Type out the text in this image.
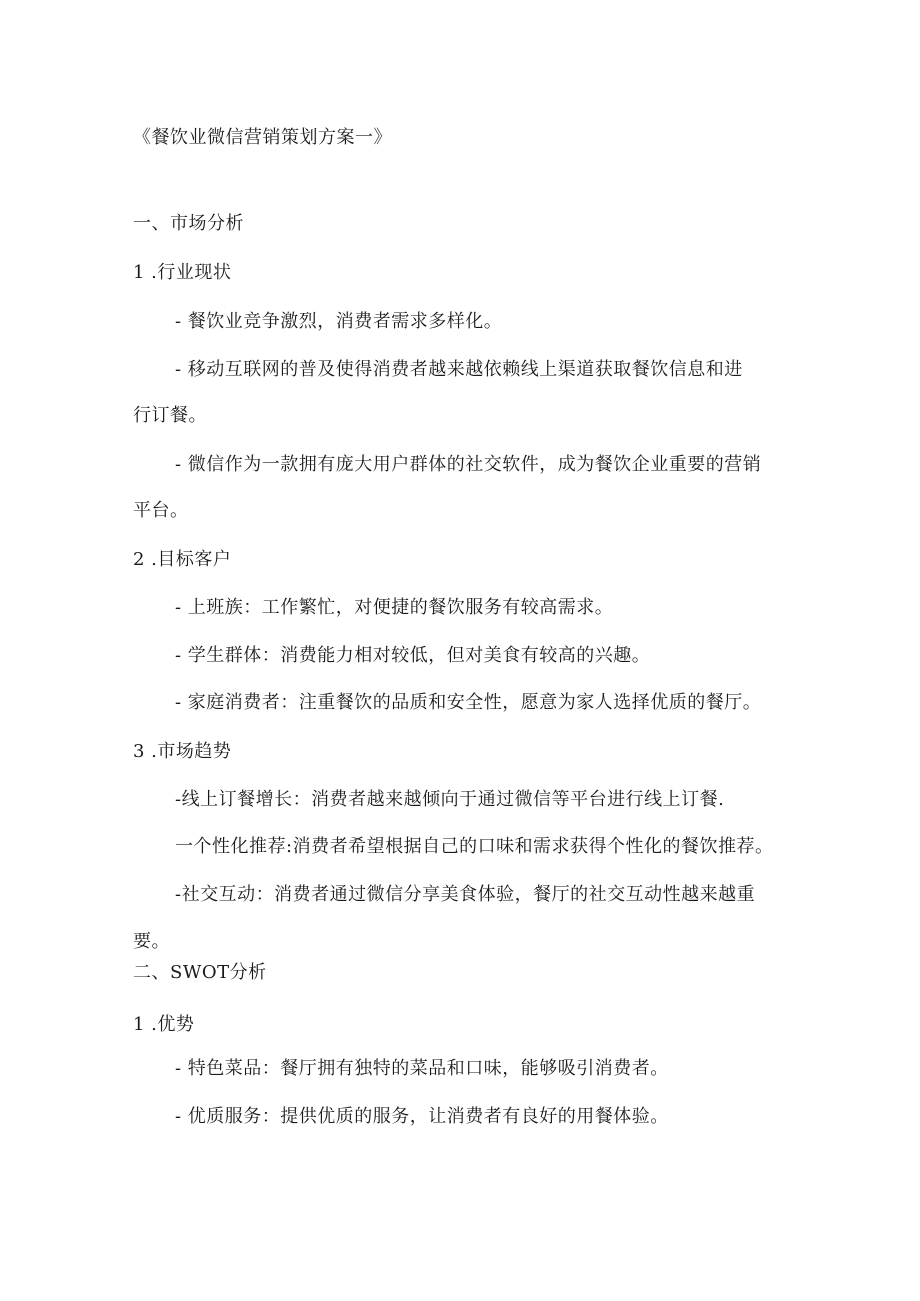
《餐饮业微信营销策划方案一》
一、市场分析
1 .行业现状
- 餐饮业竞争激烈，消费者需求多样化。
- 移动互联网的普及使得消费者越来越依赖线上渠道获取餐饮信息和进
行订餐。
- 微信作为一款拥有庞大用户群体的社交软件，成为餐饮企业重要的营销
平台。
2 .目标客户
- 上班族：工作繁忙，对便捷的餐饮服务有较高需求。
- 学生群体：消费能力相对较低，但对美食有较高的兴趣。
- 家庭消费者：注重餐饮的品质和安全性，愿意为家人选择优质的餐厅。
3 .市场趋势
-线上订餐增长：消费者越来越倾向于通过微信等平台进行线上订餐.
一个性化推荐:消费者希望根据自己的口味和需求获得个性化的餐饮推荐。
-社交互动：消费者通过微信分享美食体验，餐厅的社交互动性越来越重
要。
二、SWOT分析
1 .优势
- 特色菜品：餐厅拥有独特的菜品和口味，能够吸引消费者。
- 优质服务：提供优质的服务，让消费者有良好的用餐体验。
